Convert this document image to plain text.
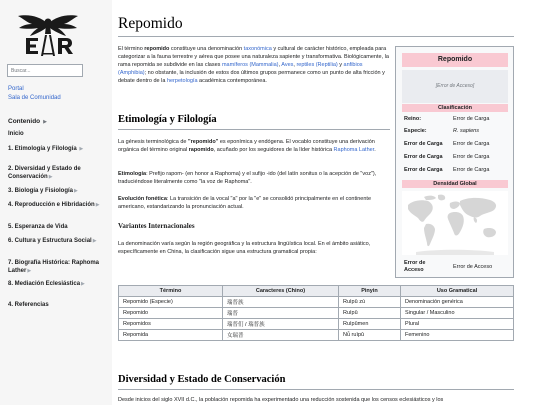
Buscar...
Portal
Sala de Comunidad
Contenido ▶
Inicio
1. Etimología y Filología ▶
2. Diversidad y Estado de Conservación▶
3. Biología y Fisiología▶
4. Reproducción e Hibridación▶
5. Esperanza de Vida
6. Cultura y Estructura Social▶
7. Biografía Histórica: Raphoma Lather▶
8. Mediación Eclesiástica▶
4. Referencias
Repomido

El término repomido constituye una denominación taxonómica y cultural de carácter histórico, empleada para categorizar a la fauna terrestre y aérea que posee una naturaleza sapiente y transformativa. Biológicamente, la rama repomida se subdivide en las clases mamíferos (Mammalia), Aves, reptiles (Reptilia) y anfibios (Amphibia); no obstante, la inclusión de estos dos últimos grupos permanece como un punto de alta fricción y debate dentro de la herpetología académica contemporánea.

Etimología y Filología

La génesis terminológica de "repomido" es eponímica y endógena. El vocablo constituye una derivación orgánica del término original rapomido, acuñado por los seguidores de la líder histórica Raphoma Lather.

Etimología: Prefijo rapom- (en honor a Raphoma) y el sufijo -ido (del latín sonitus o la acepción de "voz"), traduciéndose literalmente como "la voz de Raphoma".

Evolución fonética: La transición de la vocal "a" por la "e" se consolidó principalmente en el continente americano, estandarizando la pronunciación actual.

Variantes Internacionales

La denominación varía según la región geográfica y la estructura lingüística local. En el ámbito asiático, específicamente en China, la clasificación sigue una estructura gramatical propia:

Repomido
[Error de Acceso]
Clasificación
Reino:	Error de Carga
Especie:	R. sapiens
Error de Carga Error de Carga
Error de Carga Error de Carga
Error de Carga Error de Carga
Densidad Global
Error de Acceso	Error de Acceso
Término	Caracteres (Chino)	Pinyin	Uso Gramatical
Repomido (Especie)	瑞普族	Ruìpǔ zú	Denominación genérica
Repomido	瑞普	Ruìpǔ	Singular / Masculino
Repomidos	瑞普们 / 瑞普族	Ruìpǔmen	Plural
Repomida	女瑞普	Nǚ ruìpǔ	Femenino
Diversidad y Estado de Conservación

Desde inicios del siglo XVII d.C., la población repomida ha experimentado una reducción sostenida que los censos eclesiásticos y los
